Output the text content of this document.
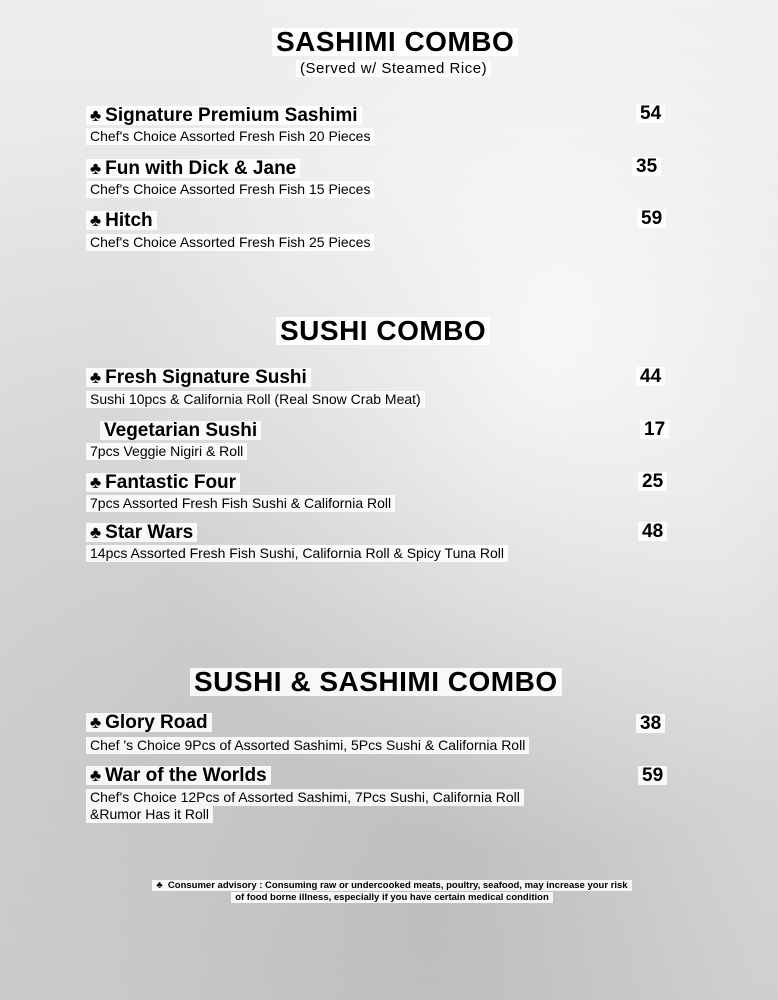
SASHIMI COMBO
(Served w/ Steamed Rice)
♣ Signature Premium Sashimi
Chef's Choice Assorted Fresh Fish 20 Pieces
54
♣ Fun with Dick & Jane
Chef's Choice Assorted Fresh Fish 15 Pieces
35
♣ Hitch
Chef's Choice Assorted Fresh Fish 25 Pieces
59
SUSHI COMBO
♣ Fresh Signature Sushi
Sushi 10pcs & California Roll (Real Snow Crab Meat)
44
Vegetarian Sushi
7pcs Veggie Nigiri & Roll
17
♣ Fantastic Four
7pcs Assorted Fresh Fish Sushi & California Roll
25
♣ Star Wars
14pcs Assorted Fresh Fish Sushi, California Roll & Spicy Tuna Roll
48
SUSHI & SASHIMI COMBO
♣ Glory Road
Chef 's Choice 9Pcs of Assorted Sashimi, 5Pcs Sushi & California Roll
38
♣ War of the Worlds
Chef's Choice 12Pcs of Assorted Sashimi, 7Pcs Sushi, California Roll
&Rumor Has it Roll
59
♣ Consumer advisory : Consuming raw or undercooked meats, poultry, seafood, may increase your risk
of food borne illness, especially if you have certain medical condition
